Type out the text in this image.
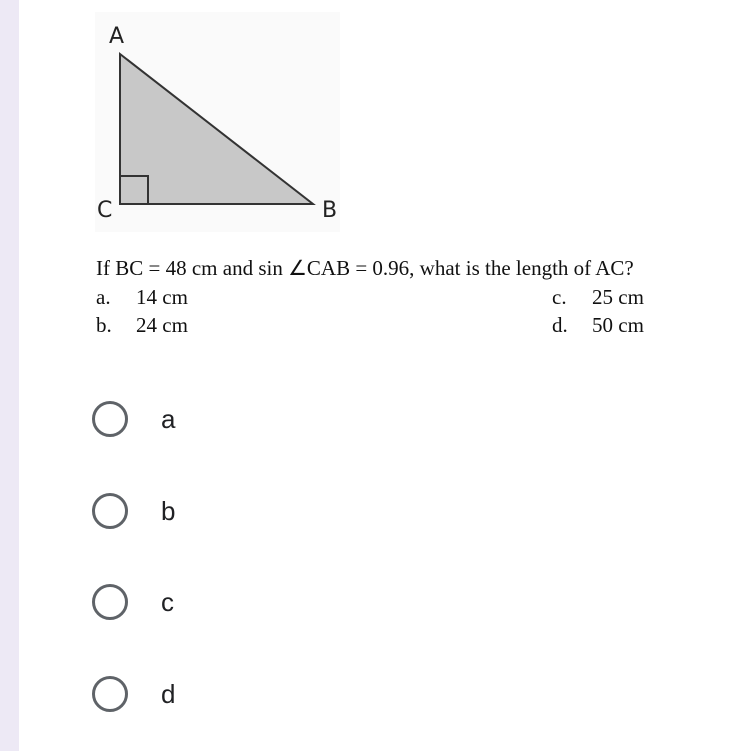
A
C	B
If BC = 48 cm and sin ∠CAB = 0.96, what is the length of AC?
a. 14 cm
b. 24 cm
c. 25 cm
d. 50 cm
a
b
c
d
